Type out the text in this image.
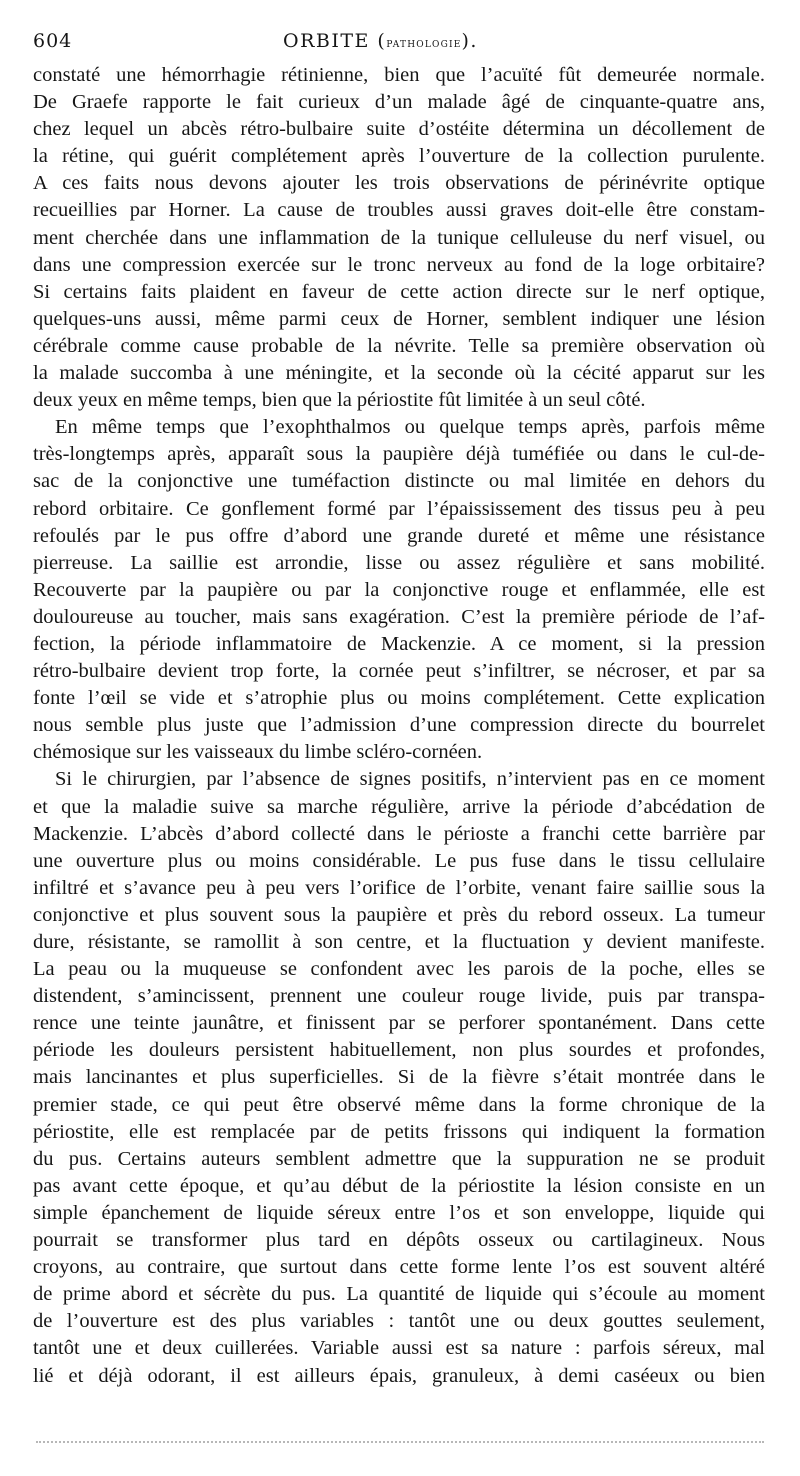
604	ORBITE (pathologie).
constaté une hémorrhagie rétinienne, bien que l’acuïté fût demeurée normale.
De Graefe rapporte le fait curieux d’un malade âgé de cinquante-quatre ans,
chez lequel un abcès rétro-bulbaire suite d’ostéite détermina un décollement de
la rétine, qui guérit complétement après l’ouverture de la collection purulente.
A ces faits nous devons ajouter les trois observations de périnévrite optique
recueillies par Horner. La cause de troubles aussi graves doit-elle être constam-
ment cherchée dans une inflammation de la tunique celluleuse du nerf visuel, ou
dans une compression exercée sur le tronc nerveux au fond de la loge orbitaire?
Si certains faits plaident en faveur de cette action directe sur le nerf optique,
quelques-uns aussi, même parmi ceux de Horner, semblent indiquer une lésion
cérébrale comme cause probable de la névrite. Telle sa première observation où
la malade succomba à une méningite, et la seconde où la cécité apparut sur les
deux yeux en même temps, bien que la périostite fût limitée à un seul côté.
En même temps que l’exophthalmos ou quelque temps après, parfois même
très-longtemps après, apparaît sous la paupière déjà tuméfiée ou dans le cul-de-
sac de la conjonctive une tuméfaction distincte ou mal limitée en dehors du
rebord orbitaire. Ce gonflement formé par l’épaississement des tissus peu à peu
refoulés par le pus offre d’abord une grande dureté et même une résistance
pierreuse. La saillie est arrondie, lisse ou assez régulière et sans mobilité.
Recouverte par la paupière ou par la conjonctive rouge et enflammée, elle est
douloureuse au toucher, mais sans exagération. C’est la première période de l’af-
fection, la période inflammatoire de Mackenzie. A ce moment, si la pression
rétro-bulbaire devient trop forte, la cornée peut s’infiltrer, se nécroser, et par sa
fonte l’œil se vide et s’atrophie plus ou moins complétement. Cette explication
nous semble plus juste que l’admission d’une compression directe du bourrelet
chémosique sur les vaisseaux du limbe scléro-cornéen.
Si le chirurgien, par l’absence de signes positifs, n’intervient pas en ce moment
et que la maladie suive sa marche régulière, arrive la période d’abcédation de
Mackenzie. L’abcès d’abord collecté dans le périoste a franchi cette barrière par
une ouverture plus ou moins considérable. Le pus fuse dans le tissu cellulaire
infiltré et s’avance peu à peu vers l’orifice de l’orbite, venant faire saillie sous la
conjonctive et plus souvent sous la paupière et près du rebord osseux. La tumeur
dure, résistante, se ramollit à son centre, et la fluctuation y devient manifeste.
La peau ou la muqueuse se confondent avec les parois de la poche, elles se
distendent, s’amincissent, prennent une couleur rouge livide, puis par transpa-
rence une teinte jaunâtre, et finissent par se perforer spontanément. Dans cette
période les douleurs persistent habituellement, non plus sourdes et profondes,
mais lancinantes et plus superficielles. Si de la fièvre s’était montrée dans le
premier stade, ce qui peut être observé même dans la forme chronique de la
périostite, elle est remplacée par de petits frissons qui indiquent la formation
du pus. Certains auteurs semblent admettre que la suppuration ne se produit
pas avant cette époque, et qu’au début de la périostite la lésion consiste en un
simple épanchement de liquide séreux entre l’os et son enveloppe, liquide qui
pourrait se transformer plus tard en dépôts osseux ou cartilagineux. Nous
croyons, au contraire, que surtout dans cette forme lente l’os est souvent altéré
de prime abord et sécrète du pus. La quantité de liquide qui s’écoule au moment
de l’ouverture est des plus variables : tantôt une ou deux gouttes seulement,
tantôt une et deux cuillerées. Variable aussi est sa nature : parfois séreux, mal
lié et déjà odorant, il est ailleurs épais, granuleux, à demi caséeux ou bien
